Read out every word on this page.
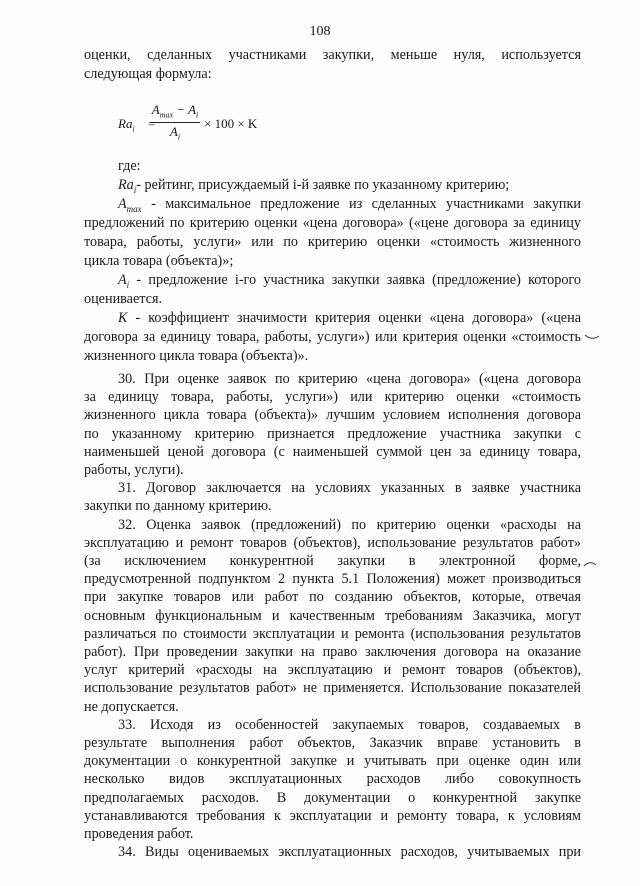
108
оценки, сделанных участниками закупки, меньше нуля, используется
следующая формула:
$Ra_i$ =
$A_{max} - A_i$
$A_i$
× 100 × K
где:
$Ra_i-$ рейтинг, присуждаемый i-й заявке по указанному критерию;
$A_{max}$ - максимальное предложение из сделанных участниками закупки
предложений по критерию оценки «цена договора» («цене договора за единицу
товара, работы, услуги» или по критерию оценки «стоимость жизненного
цикла товара (объекта)»;
$A_i$ - предложение i-го участника закупки заявка (предложение) которого
оценивается.
K - коэффициент значимости критерия оценки «цена договора» («цена
договора за единицу товара, работы, услуги») или критерия оценки «стоимость
жизненного цикла товара (объекта)».
30. При оценке заявок по критерию «цена договора» («цена договора
за единицу товара, работы, услуги») или критерию оценки «стоимость
жизненного цикла товара (объекта)» лучшим условием исполнения договора
по указанному критерию признается предложение участника закупки с
наименьшей ценой договора (с наименьшей суммой цен за единицу товара,
работы, услуги).
31. Договор заключается на условиях указанных в заявке участника
закупки по данному критерию.
32. Оценка заявок (предложений) по критерию оценки «расходы на
эксплуатацию и ремонт товаров (объектов), использование результатов работ»
(за исключением конкурентной закупки в электронной форме,
предусмотренной подпунктом 2 пункта 5.1 Положения) может производиться
при закупке товаров или работ по созданию объектов, которые, отвечая
основным функциональным и качественным требованиям Заказчика, могут
различаться по стоимости эксплуатации и ремонта (использования результатов
работ). При проведении закупки на право заключения договора на оказание
услуг критерий «расходы на эксплуатацию и ремонт товаров (объектов),
использование результатов работ» не применяется. Использование показателей
не допускается.
33. Исходя из особенностей закупаемых товаров, создаваемых в
результате выполнения работ объектов, Заказчик вправе установить в
документации о конкурентной закупке и учитывать при оценке один или
несколько видов эксплуатационных расходов либо совокупность
предполагаемых расходов. В документации о конкурентной закупке
устанавливаются требования к эксплуатации и ремонту товара, к условиям
проведения работ.
34. Виды оцениваемых эксплуатационных расходов, учитываемых при
